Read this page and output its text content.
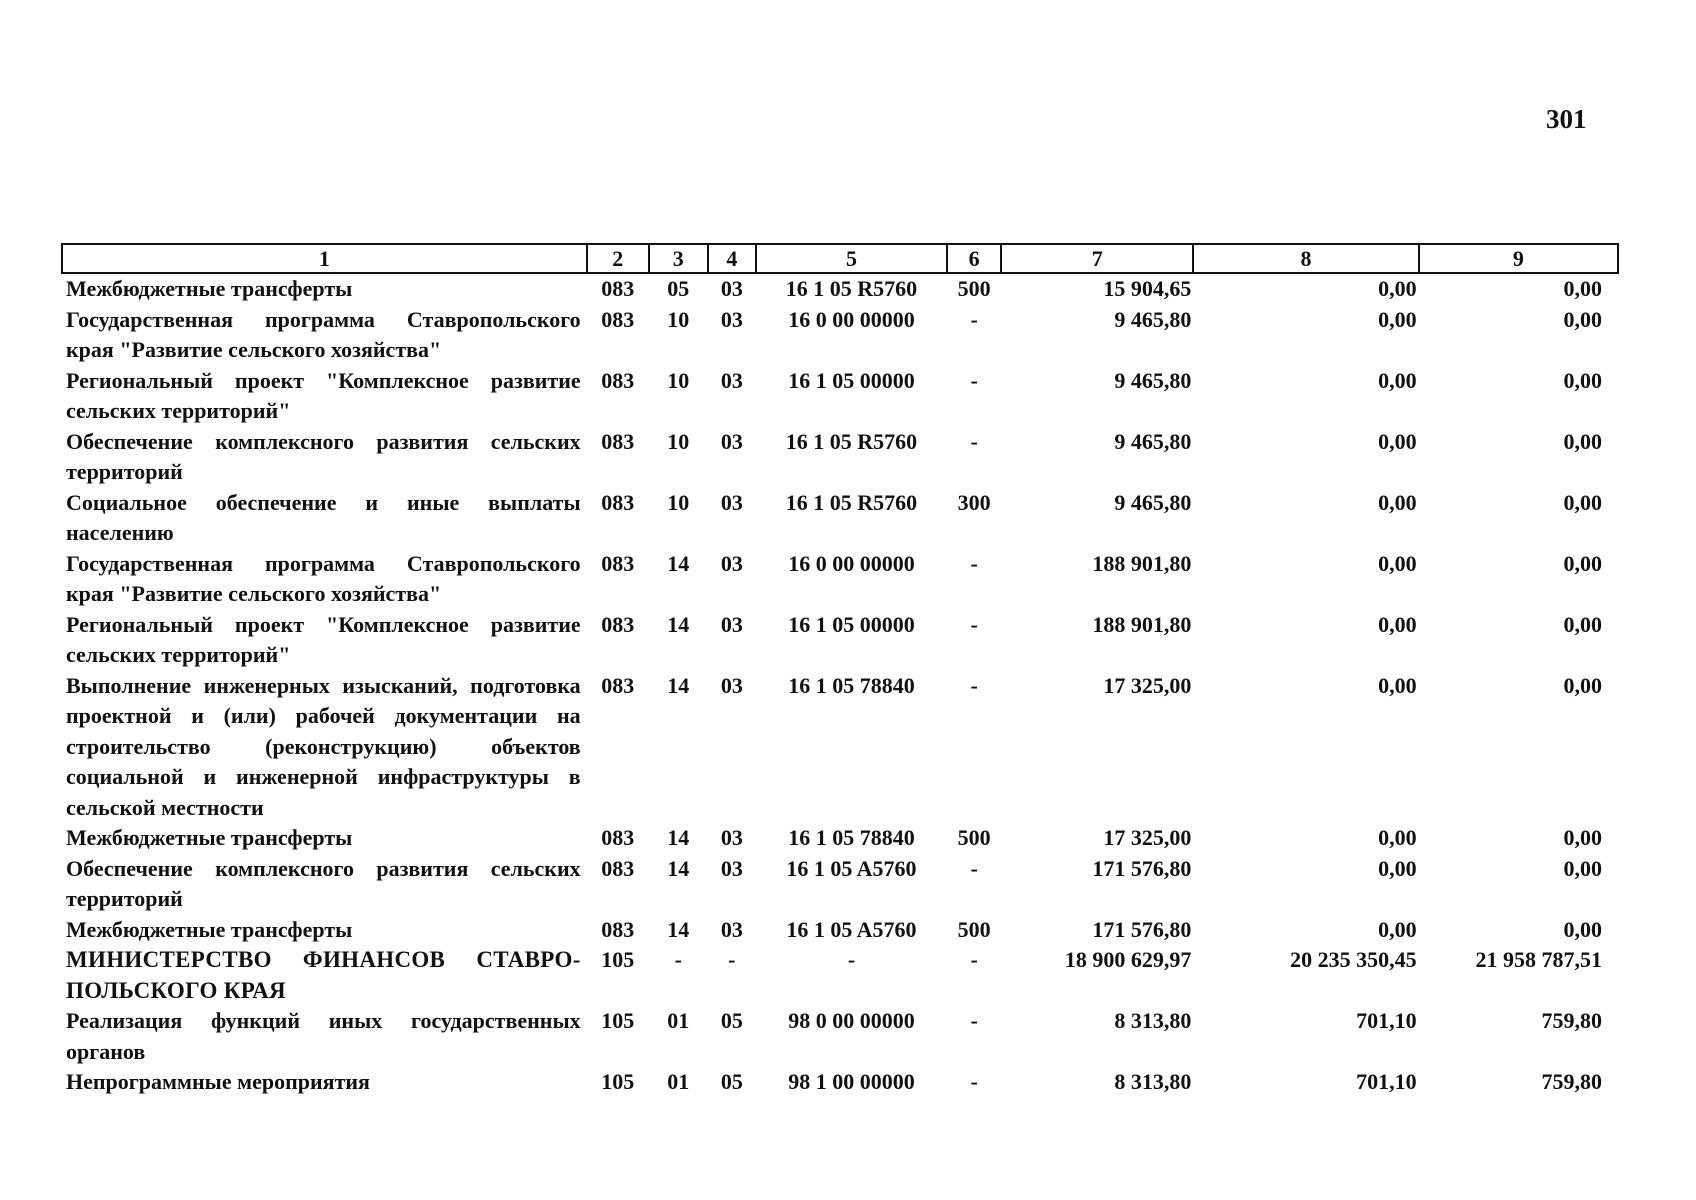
301
1	2	3	4	5	6	7	8	9
Межбюджетные трансферты	083	05	03	16 1 05 R5760	500	15 904,65	0,00	0,00
Государственная программа Ставропольского края "Развитие сельского хозяйства"	083	10	03	16 0 00 00000	-	9 465,80	0,00	0,00
Региональный проект "Комплексное развитие сельских территорий"	083	10	03	16 1 05 00000	-	9 465,80	0,00	0,00
Обеспечение комплексного развития сельских территорий	083	10	03	16 1 05 R5760	-	9 465,80	0,00	0,00
Социальное обеспечение и иные выплаты населению	083	10	03	16 1 05 R5760	300	9 465,80	0,00	0,00
Государственная программа Ставропольского края "Развитие сельского хозяйства"	083	14	03	16 0 00 00000	-	188 901,80	0,00	0,00
Региональный проект "Комплексное развитие сельских территорий"	083	14	03	16 1 05 00000	-	188 901,80	0,00	0,00
Выполнение инженерных изысканий, подготовка проектной и (или) рабочей документации на строительство (реконструкцию) объектов социальной и инженерной инфраструктуры в сельской местности	083	14	03	16 1 05 78840	-	17 325,00	0,00	0,00
Межбюджетные трансферты	083	14	03	16 1 05 78840	500	17 325,00	0,00	0,00
Обеспечение комплексного развития сельских территорий	083	14	03	16 1 05 A5760	-	171 576,80	0,00	0,00
Межбюджетные трансферты	083	14	03	16 1 05 A5760	500	171 576,80	0,00	0,00
МИНИСТЕРСТВО ФИНАНСОВ СТАВРО-ПОЛЬСКОГО КРАЯ	105	-	-	-	-	18 900 629,97	20 235 350,45	21 958 787,51
Реализация функций иных государственных органов	105	01	05	98 0 00 00000	-	8 313,80	701,10	759,80
Непрограммные мероприятия	105	01	05	98 1 00 00000	-	8 313,80	701,10	759,80
